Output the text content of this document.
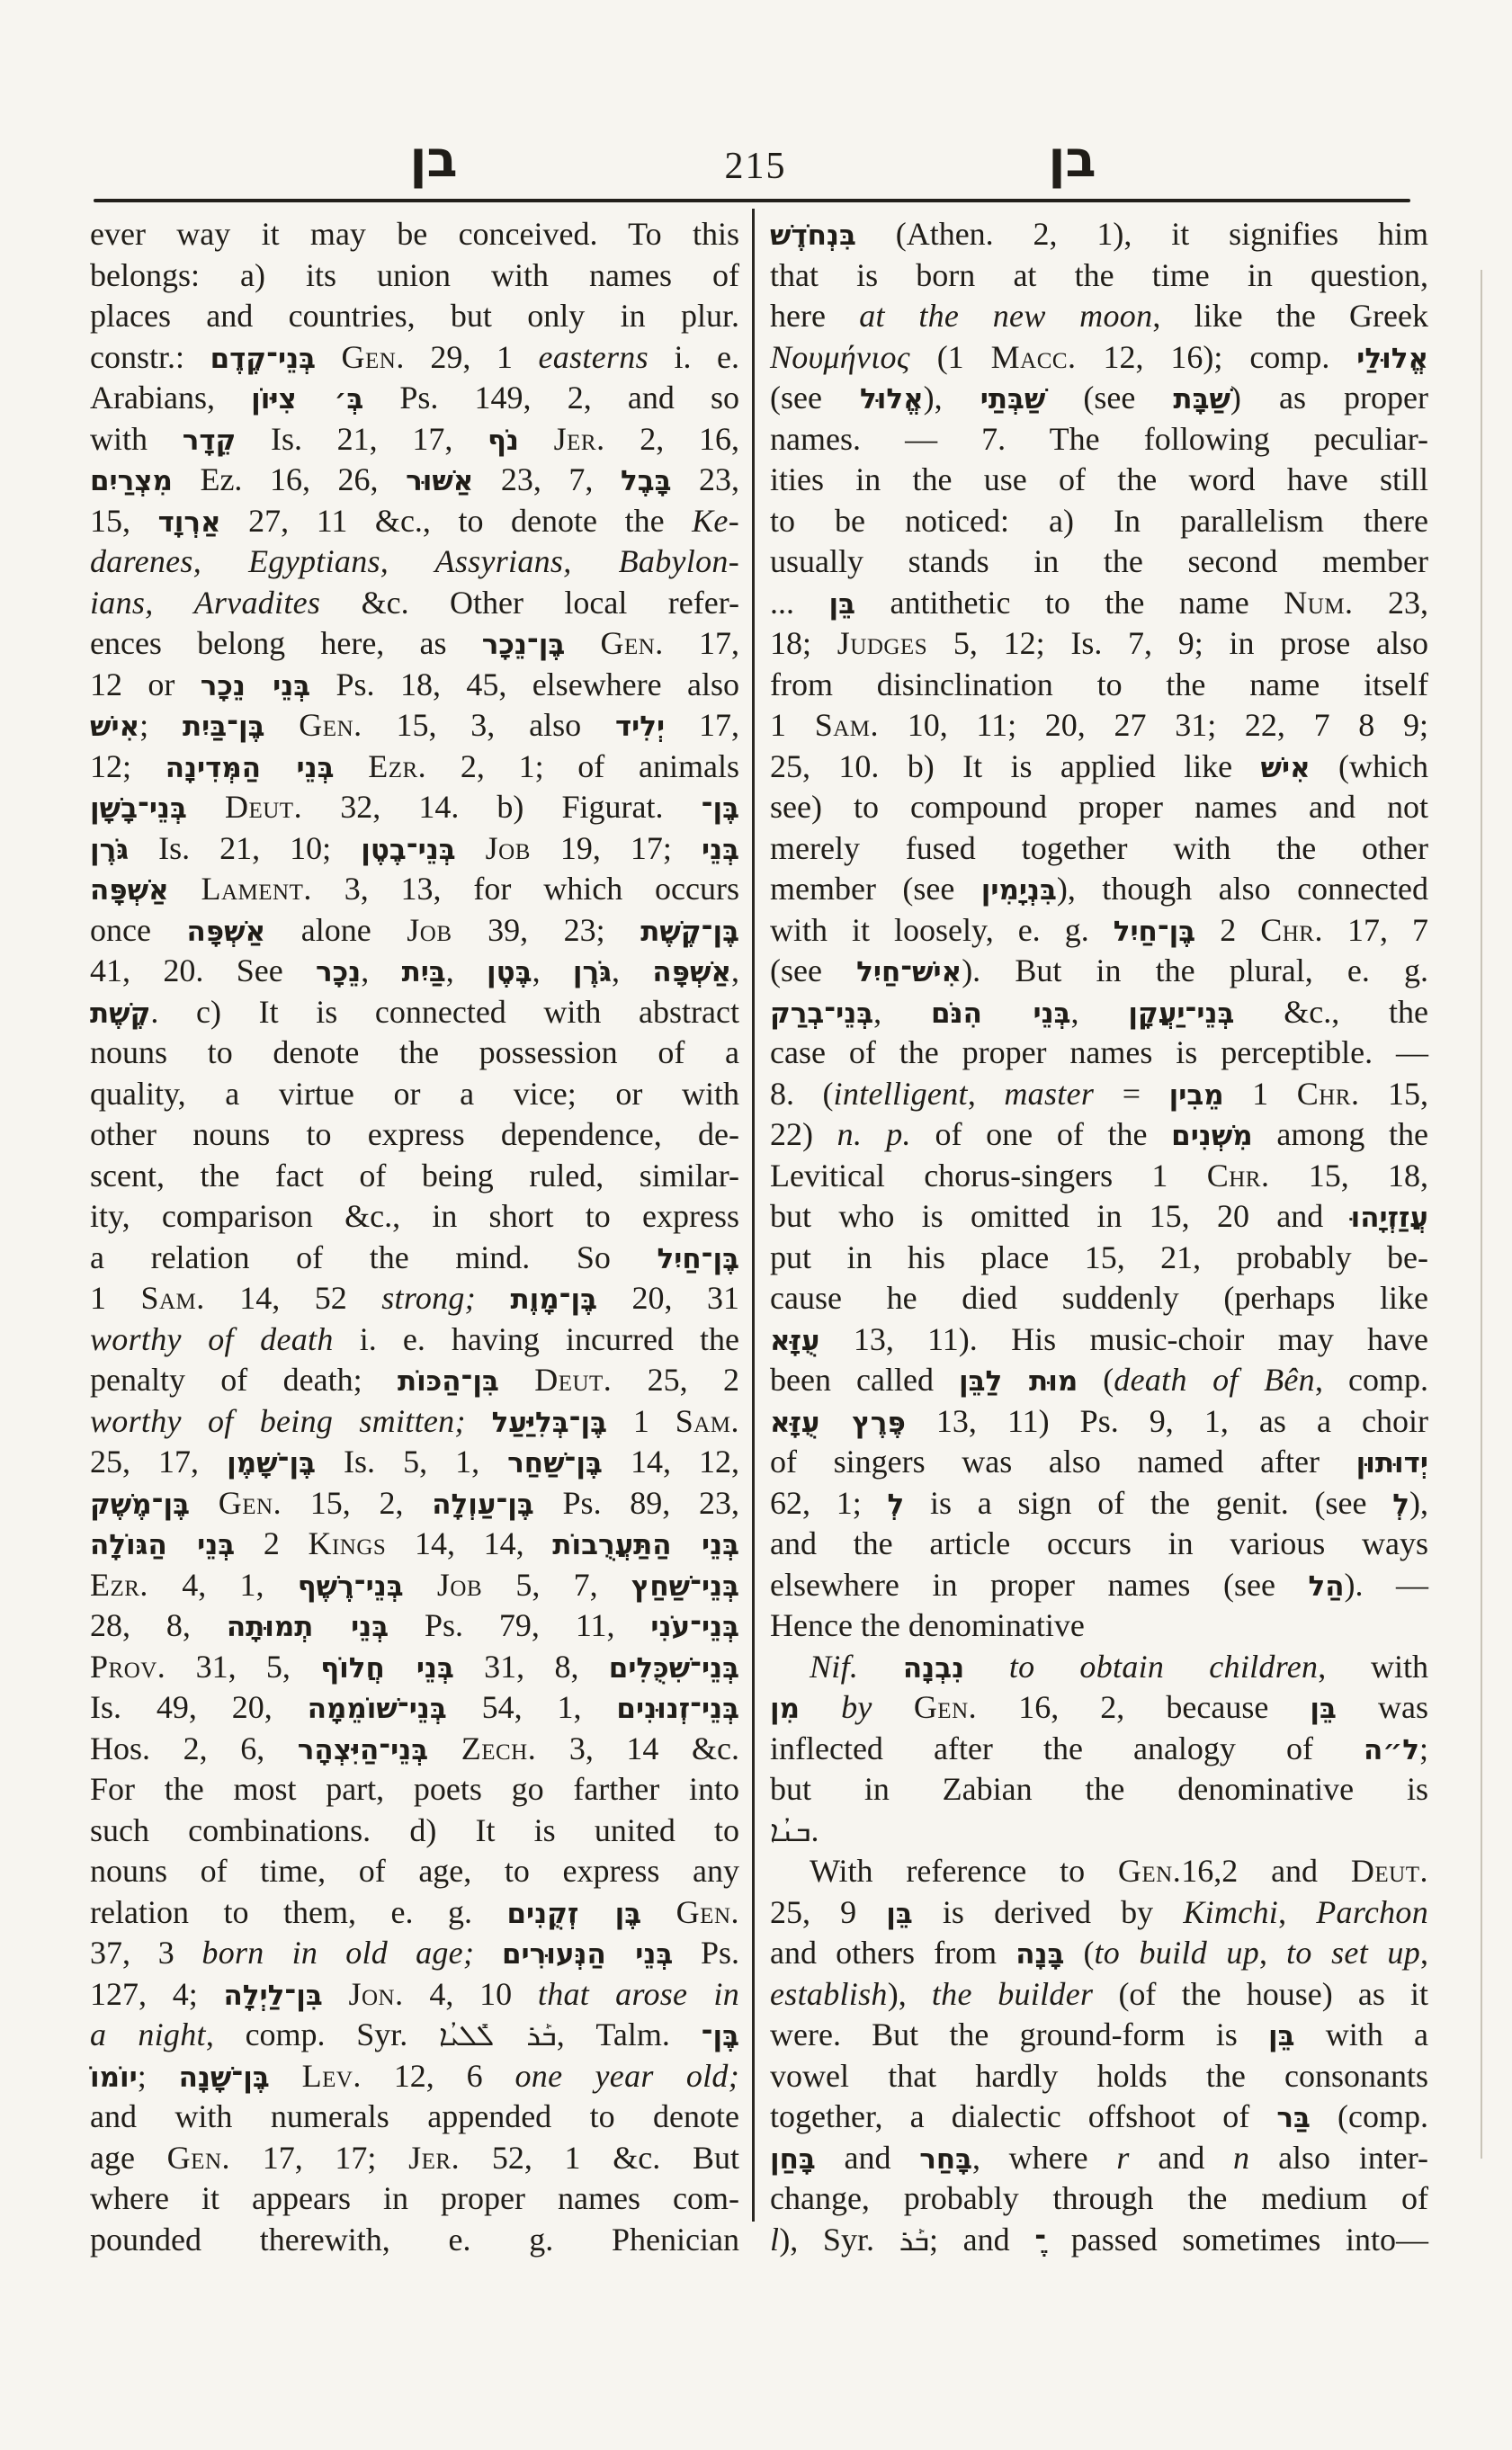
בן	215	בן
ever way it may be conceived. To this
belongs: a) its union with names of
places and countries, but only in plur.
constr.: בְּנֵי־קֶדֶם Gen. 29, 1 easterns i. e.
Arabians, בְּ׳ צִיּוֹן Ps. 149, 2, and so
with קֵדָר Is. 21, 17, נֹף Jer. 2, 16,
מִצְרַיִם Ez. 16, 26, אַשּׁוּר 23, 7, בָּבֶל 23,
15, אַרְוָד 27, 11 &c., to denote the Ke-
darenes, Egyptians, Assyrians, Babylon-
ians, Arvadites &c. Other local refer-
ences belong here, as בֶּן־נֵכָר Gen. 17,
12 or בְּנֵי נֵכָר Ps. 18, 45, elsewhere also
אִישׁ; בֶּן־בַּיִת Gen. 15, 3, also יְלִיד 17,
12; בְּנֵי הַמְּדִינָה Ezr. 2, 1; of animals
בְּנֵי־בָשָׁן Deut. 32, 14. b) Figurat. בֶּן־
גֹּרֶן Is. 21, 10; בְּנֵי־בֶטֶן Job 19, 17; בְּנֵי
אַשְׁפָּה Lament. 3, 13, for which occurs
once אַשְׁפָּה alone Job 39, 23; בֶּן־קֶשֶׁת
41, 20. See נֵכָר, בַּיִת, בֶּטֶן, גֹּרֶן, אַשְׁפָּה,
קֶשֶׁת. c) It is connected with abstract
nouns to denote the possession of a
quality, a virtue or a vice; or with
other nouns to express dependence, de-
scent, the fact of being ruled, similar-
ity, comparison &c., in short to express
a relation of the mind. So בֶּן־חַיִל
1 Sam. 14, 52 strong; בֶּן־מָוֶת 20, 31
worthy of death i. e. having incurred the
penalty of death; בִּן־הַכּוֹת Deut. 25, 2
worthy of being smitten; בֶּן־בְּלִיַּעַל 1 Sam.
25, 17, בֶּן־שָׁמֶן Is. 5, 1, בֶּן־שַׁחַר 14, 12,
בֶּן־מֶשֶׁק Gen. 15, 2, בֶּן־עַוְלָה Ps. 89, 23,
בְּנֵי הַגּוֹלָה 2 Kings 14, 14, בְּנֵי הַתַּעֲרֻבוֹת
Ezr. 4, 1, בְּנֵי־רֶשֶׁף Job 5, 7, בְּנֵי־שַׁחַץ
28, 8, בְּנֵי תְמוּתָה Ps. 79, 11, בְּנֵי־עֹנִי
Prov. 31, 5, בְּנֵי חֲלוֹף 31, 8, בְּנֵי־שִׁכֻּלִים
Is. 49, 20, בְּנֵי־שׁוֹמֵמָה 54, 1, בְּנֵי־זְנוּנִים
Hos. 2, 6, בְּנֵי־הַיִּצְהָר Zech. 3, 14 &c.
For the most part, poets go farther into
such combinations. d) It is united to
nouns of time, of age, to express any
relation to them, e. g. בֶּן זְקֻנִים Gen.
37, 3 born in old age; בְּנֵי הַנְּעוּרִים Ps.
127, 4; בִּן־לַיְלָה Jon. 4, 10 that arose in
a night, comp. Syr. ܒܰܪ ܠܺܠܝܳܐ, Talm. בֶּן־
יוֹמוֹ; בֶּן־שָׁנָה Lev. 12, 6 one year old;
and with numerals appended to denote
age Gen. 17, 17; Jer. 52, 1 &c. But
where it appears in proper names com-
pounded therewith, e. g. Phenician
בִּנְחֹדֶשׁ (Athen. 2, 1), it signifies him
that is born at the time in question,
here at the new moon, like the Greek
Νουμήνιος (1 Macc. 12, 16); comp. אֱלוּלַי
(see אֱלוּל), שַׁבְּתַי (see שַׁבָּת) as proper
names. — 7. The following peculiar-
ities in the use of the word have still
to be noticed: a) In parallelism there
usually stands in the second member
... בֵּן antithetic to the name Num. 23,
18; Judges 5, 12; Is. 7, 9; in prose also
from disinclination to the name itself
1 Sam. 10, 11; 20, 27 31; 22, 7 8 9;
25, 10. b) It is applied like אִישׁ (which
see) to compound proper names and not
merely fused together with the other
member (see בִּנְיָמִין), though also connected
with it loosely, e. g. בֶּן־חַיִל 2 Chr. 17, 7
(see אִישׁ־חַיִל). But in the plural, e. g.
בְּנֵי־בְרַק, בְּנֵי הִנֹּם, בְּנֵי־יַעֲקָן &c., the
case of the proper names is perceptible. —
8. (intelligent, master = מֵבִין 1 Chr. 15,
22) n. p. of one of the מִשְׁנִים among the
Levitical chorus-singers 1 Chr. 15, 18,
but who is omitted in 15, 20 and עֲזַזְיָהוּ
put in his place 15, 21, probably be-
cause he died suddenly (perhaps like
עֻזָּא 13, 11). His music-choir may have
been called מוּת לַבֵּן (death of Bên, comp.
פֶּרֶץ עֻזָּא 13, 11) Ps. 9, 1, as a choir
of singers was also named after יְדוּתוּן
62, 1; לְ is a sign of the genit. (see לְ),
and the article occurs in various ways
elsewhere in proper names (see הַל). —
Hence the denominative
Nif. נִבְנָה to obtain children, with
מִן by Gen. 16, 2, because בֵּן was
inflected after the analogy of ל״ה;
but in Zabian the denominative is
ܒܢܳܐ.
With reference to Gen.16,2 and Deut.
25, 9 בֵּן is derived by Kimchi, Parchon
and others from בָּנָה (to build up, to set up,
establish), the builder (of the house) as it
were. But the ground-form is בֵּן with a
vowel that hardly holds the consonants
together, a dialectic offshoot of בַּר (comp.
בָּחַן and בָּחַר, where r and n also inter-
change, probably through the medium of
l), Syr. ܒܰܪ; and ־ֶ passed sometimes into—
